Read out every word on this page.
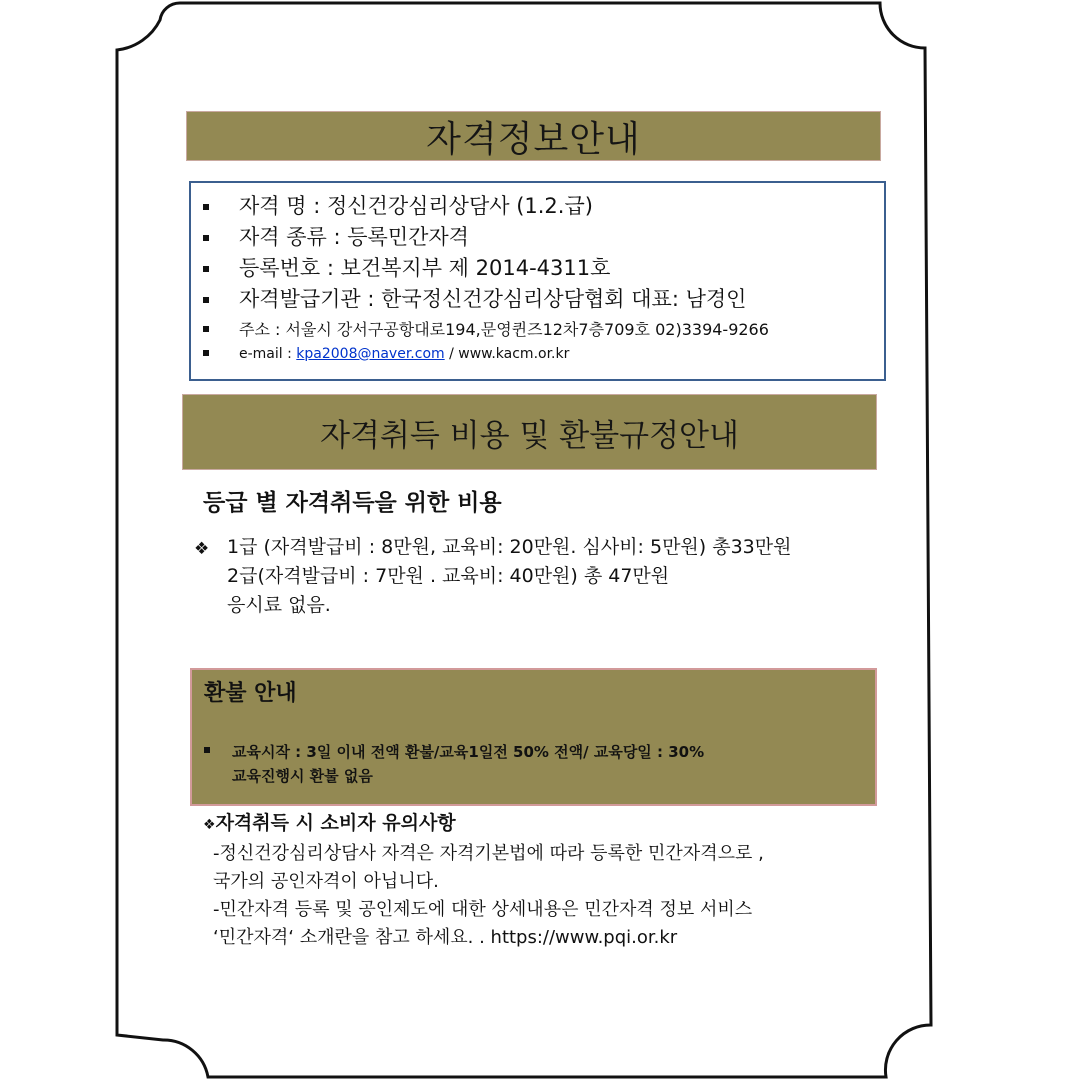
자격정보안내
자격 명 : 정신건강심리상담사 (1.2.급)
자격 종류 : 등록민간자격
등록번호 : 보건복지부 제 2014-4311호
자격발급기관 : 한국정신건강심리상담협회 대표: 남경인
주소 : 서울시 강서구공항대로194,문영퀸즈12차7층709호 02)3394-9266
e-mail : kpa2008@naver.com / www.kacm.or.kr
자격취득 비용 및 환불규정안내
등급 별 자격취득을 위한 비용
❖ 1급 (자격발급비 : 8만원, 교육비: 20만원. 심사비: 5만원) 총33만원
2급(자격발급비 : 7만원 . 교육비: 40만원) 총 47만원
응시료 없음.
환불 안내
교육시작 : 3일 이내 전액 환불/교육1일전 50% 전액/ 교육당일 : 30%
교육진행시 환불 없음
❖자격취득 시 소비자 유의사항
-정신건강심리상담사 자격은 자격기본법에 따라 등록한 민간자격으로 ,
국가의 공인자격이 아닙니다.
-민간자격 등록 및 공인제도에 대한 상세내용은 민간자격 정보 서비스
‘민간자격‘ 소개란을 참고 하세요. . https://www.pqi.or.kr
